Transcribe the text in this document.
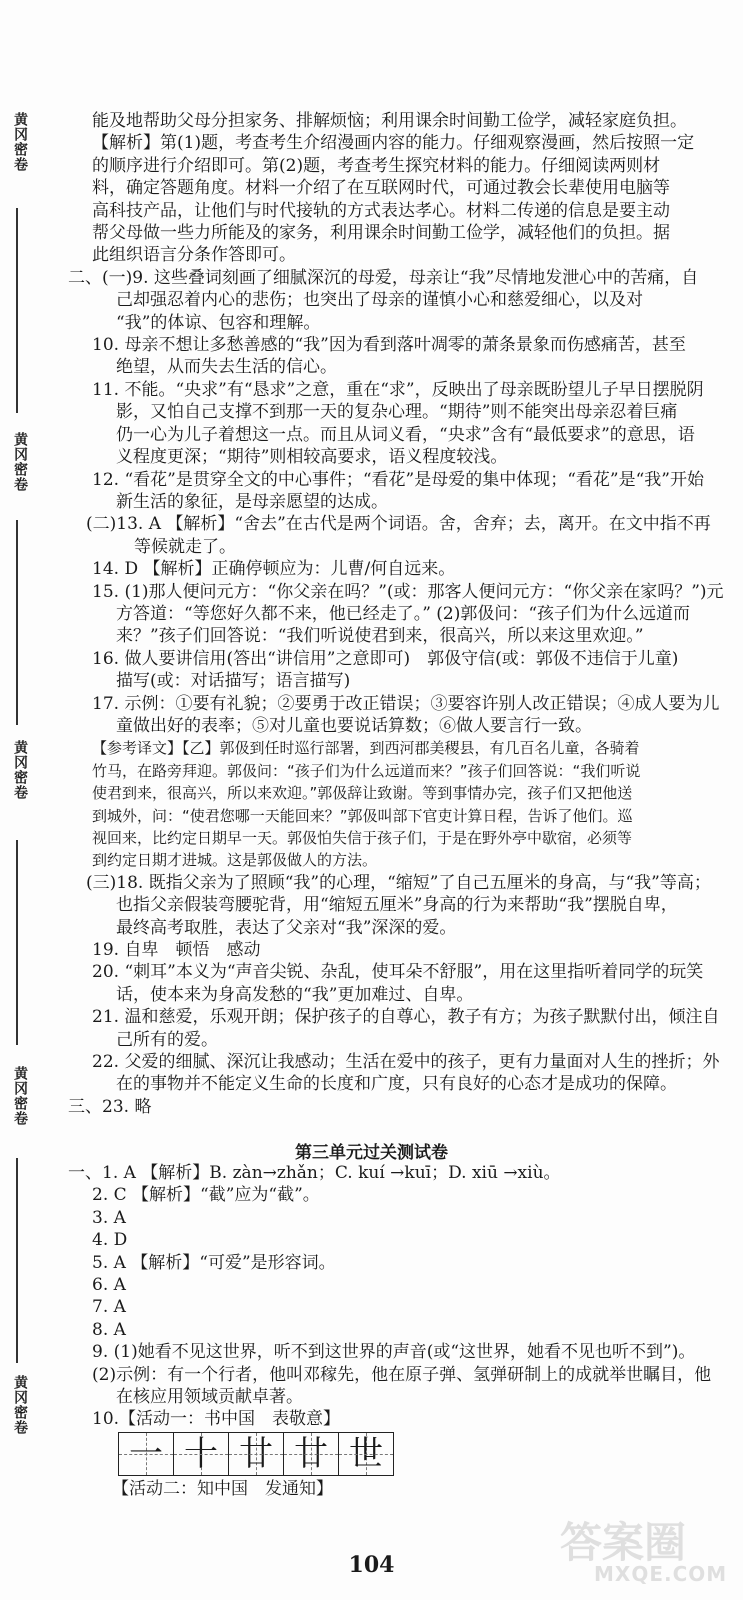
黄冈密卷
黄冈密卷
黄冈密卷
黄冈密卷
黄冈密卷
能及地帮助父母分担家务、排解烦恼；利用课余时间勤工俭学，减轻家庭负担。
【解析】第(1)题，考查考生介绍漫画内容的能力。仔细观察漫画，然后按照一定
的顺序进行介绍即可。第(2)题，考查考生探究材料的能力。仔细阅读两则材
料，确定答题角度。材料一介绍了在互联网时代，可通过教会长辈使用电脑等
高科技产品，让他们与时代接轨的方式表达孝心。材料二传递的信息是要主动
帮父母做一些力所能及的家务，利用课余时间勤工俭学，减轻他们的负担。据
此组织语言分条作答即可。
二、(一)9. 这些叠词刻画了细腻深沉的母爱，母亲让“我”尽情地发泄心中的苦痛，自
己却强忍着内心的悲伤；也突出了母亲的谨慎小心和慈爱细心，以及对
“我”的体谅、包容和理解。
10. 母亲不想让多愁善感的“我”因为看到落叶凋零的萧条景象而伤感痛苦，甚至
绝望，从而失去生活的信心。
11. 不能。“央求”有“恳求”之意，重在“求”，反映出了母亲既盼望儿子早日摆脱阴
影，又怕自己支撑不到那一天的复杂心理。“期待”则不能突出母亲忍着巨痛
仍一心为儿子着想这一点。而且从词义看，“央求”含有“最低要求”的意思，语
义程度更深；“期待”则相较高要求，语义程度较浅。
12. “看花”是贯穿全文的中心事件；“看花”是母爱的集中体现；“看花”是“我”开始
新生活的象征，是母亲愿望的达成。
(二)13. A 【解析】“舍去”在古代是两个词语。舍，舍弃；去，离开。在文中指不再
等候就走了。
14. D 【解析】正确停顿应为：儿曹/何自远来。
15. (1)那人便问元方：“你父亲在吗？”(或：那客人便问元方：“你父亲在家吗？”)元
方答道：“等您好久都不来，他已经走了。” (2)郭伋问：“孩子们为什么远道而
来？”孩子们回答说：“我们听说使君到来，很高兴，所以来这里欢迎。”
16. 做人要讲信用(答出“讲信用”之意即可)　郭伋守信(或：郭伋不违信于儿童)
描写(或：对话描写；语言描写)
17. 示例：①要有礼貌；②要勇于改正错误；③要容许别人改正错误；④成人要为儿
童做出好的表率；⑤对儿童也要说话算数；⑥做人要言行一致。
【参考译文】【乙】郭伋到任时巡行部署，到西河郡美稷县，有几百名儿童，各骑着
竹马，在路旁拜迎。郭伋问：“孩子们为什么远道而来？”孩子们回答说：“我们听说
使君到来，很高兴，所以来欢迎。”郭伋辞让致谢。等到事情办完，孩子们又把他送
到城外，问：“使君您哪一天能回来？”郭伋叫部下官吏计算日程，告诉了他们。巡
视回来，比约定日期早一天。郭伋怕失信于孩子们，于是在野外亭中歇宿，必须等
到约定日期才进城。这是郭伋做人的方法。
(三)18. 既指父亲为了照顾“我”的心理，“缩短”了自己五厘米的身高，与“我”等高；
也指父亲假装弯腰驼背，用“缩短五厘米”身高的行为来帮助“我”摆脱自卑，
最终高考取胜，表达了父亲对“我”深深的爱。
19. 自卑　顿悟　感动
20. “刺耳”本义为“声音尖锐、杂乱，使耳朵不舒服”，用在这里指听着同学的玩笑
话，使本来为身高发愁的“我”更加难过、自卑。
21. 温和慈爱，乐观开朗；保护孩子的自尊心，教子有方；为孩子默默付出，倾注自
己所有的爱。
22. 父爱的细腻、深沉让我感动；生活在爱中的孩子，更有力量面对人生的挫折；外
在的事物并不能定义生命的长度和广度，只有良好的心态才是成功的保障。
三、23. 略
第三单元过关测试卷
一、1. A 【解析】B. zàn→zhǎn；C. kuí →kuī；D. xiū →xiù。
2. C 【解析】“截”应为“截”。
3. A
4. D
5. A 【解析】“可爱”是形容词。
6. A
7. A
8. A
9. (1)她看不见这世界，听不到这世界的声音(或“这世界，她看不见也听不到”)。
(2)示例：有一个行者，他叫邓稼先，他在原子弹、氢弹研制上的成就举世瞩目，他
在核应用领域贡献卓著。
10.【活动一：书中国　表敬意】
一 十 廿 廿 世
【活动二：知中国　发通知】
104	答案圈
MXQE.COM
